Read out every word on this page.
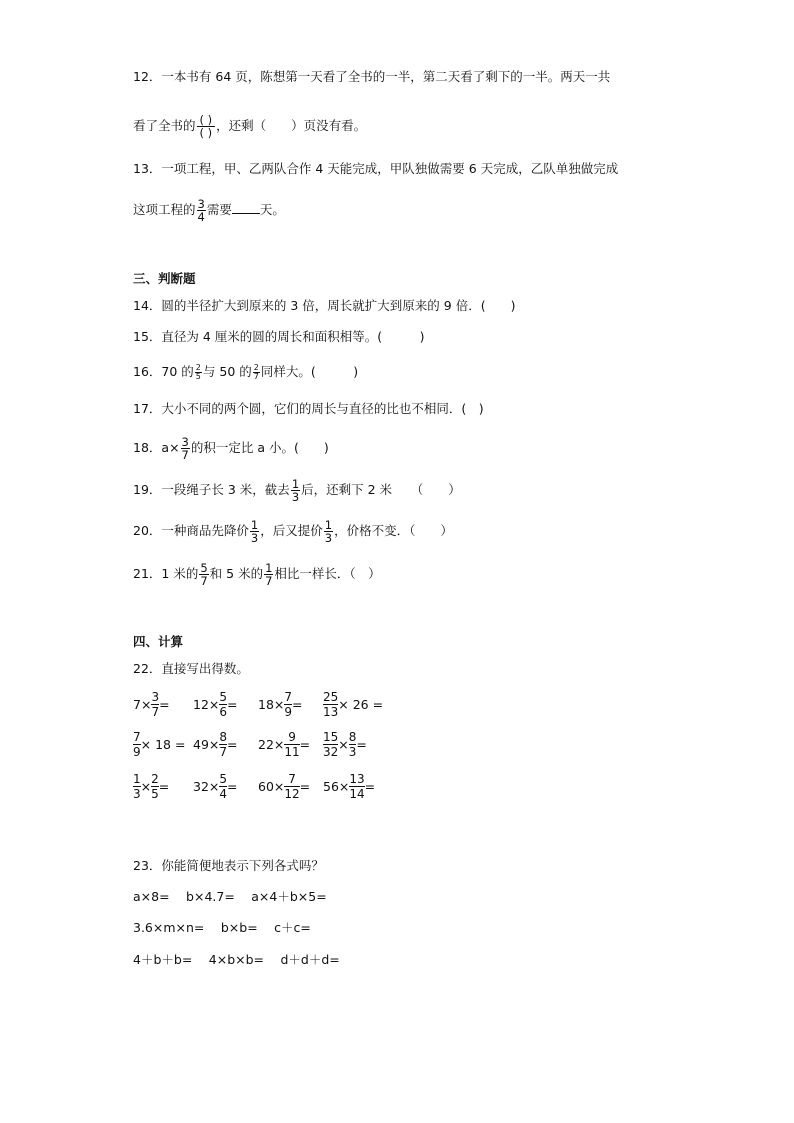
12．一本书有 64 页，陈想第一天看了全书的一半，第二天看了剩下的一半。两天一共
看了全书的 $\frac{( )}{( )}$ ，还剩（　　）页没有看。
13．一项工程，甲、乙两队合作 4 天能完成，甲队独做需要 6 天完成，乙队单独做完成
这项工程的 $\frac{3}{4}$ 需要 天。
三、判断题
14．圆的半径扩大到原来的 3 倍，周长就扩大到原来的 9 倍．(　　)
15．直径为 4 厘米的圆的周长和面积相等。(　　　)
16．70 的 $\frac{2}{5}$ 与 50 的 $\frac{2}{7}$ 同样大。(　　　)
17．大小不同的两个圆，它们的周长与直径的比也不相同．(　)
18．$a\times \frac{3}{7}$ 的积一定比 a 小。(　　)
19．一段绳子长 3 米，截去 $\frac{1}{3}$ 后，还剩下 2 米　　（　　）
20．一种商品先降价 $\frac{1}{3}$ ，后又提价 $\frac{1}{3}$ ，价格不变．（　　）
21．1 米的 $\frac{5}{7}$ 和 5 米的 $\frac{1}{7}$ 相比一样长．（　）
四、计算
22．直接写出得数。
$7\times \frac{3}{7} = 12\times \frac{5}{6} = 18\times \frac{7}{9} = \frac{25}{13} \times 26$ =
$\frac{7}{9} \times 18 = 49\times \frac{8}{7} = 22\times \frac{9}{11} = \frac{15}{32} \times \frac{8}{3}$ =
$\frac{1}{3} \times \frac{2}{5} = 32\times \frac{5}{4} = 60\times \frac{7}{12} = 56\times \frac{13}{14}$ =
23．你能简便地表示下列各式吗？
a×8=　 b×4.7=　 a×4＋b×5=
3.6×m×n=　 b×b=　 c＋c=
4＋b＋b=　 4×b×b=　 d＋d＋d=
